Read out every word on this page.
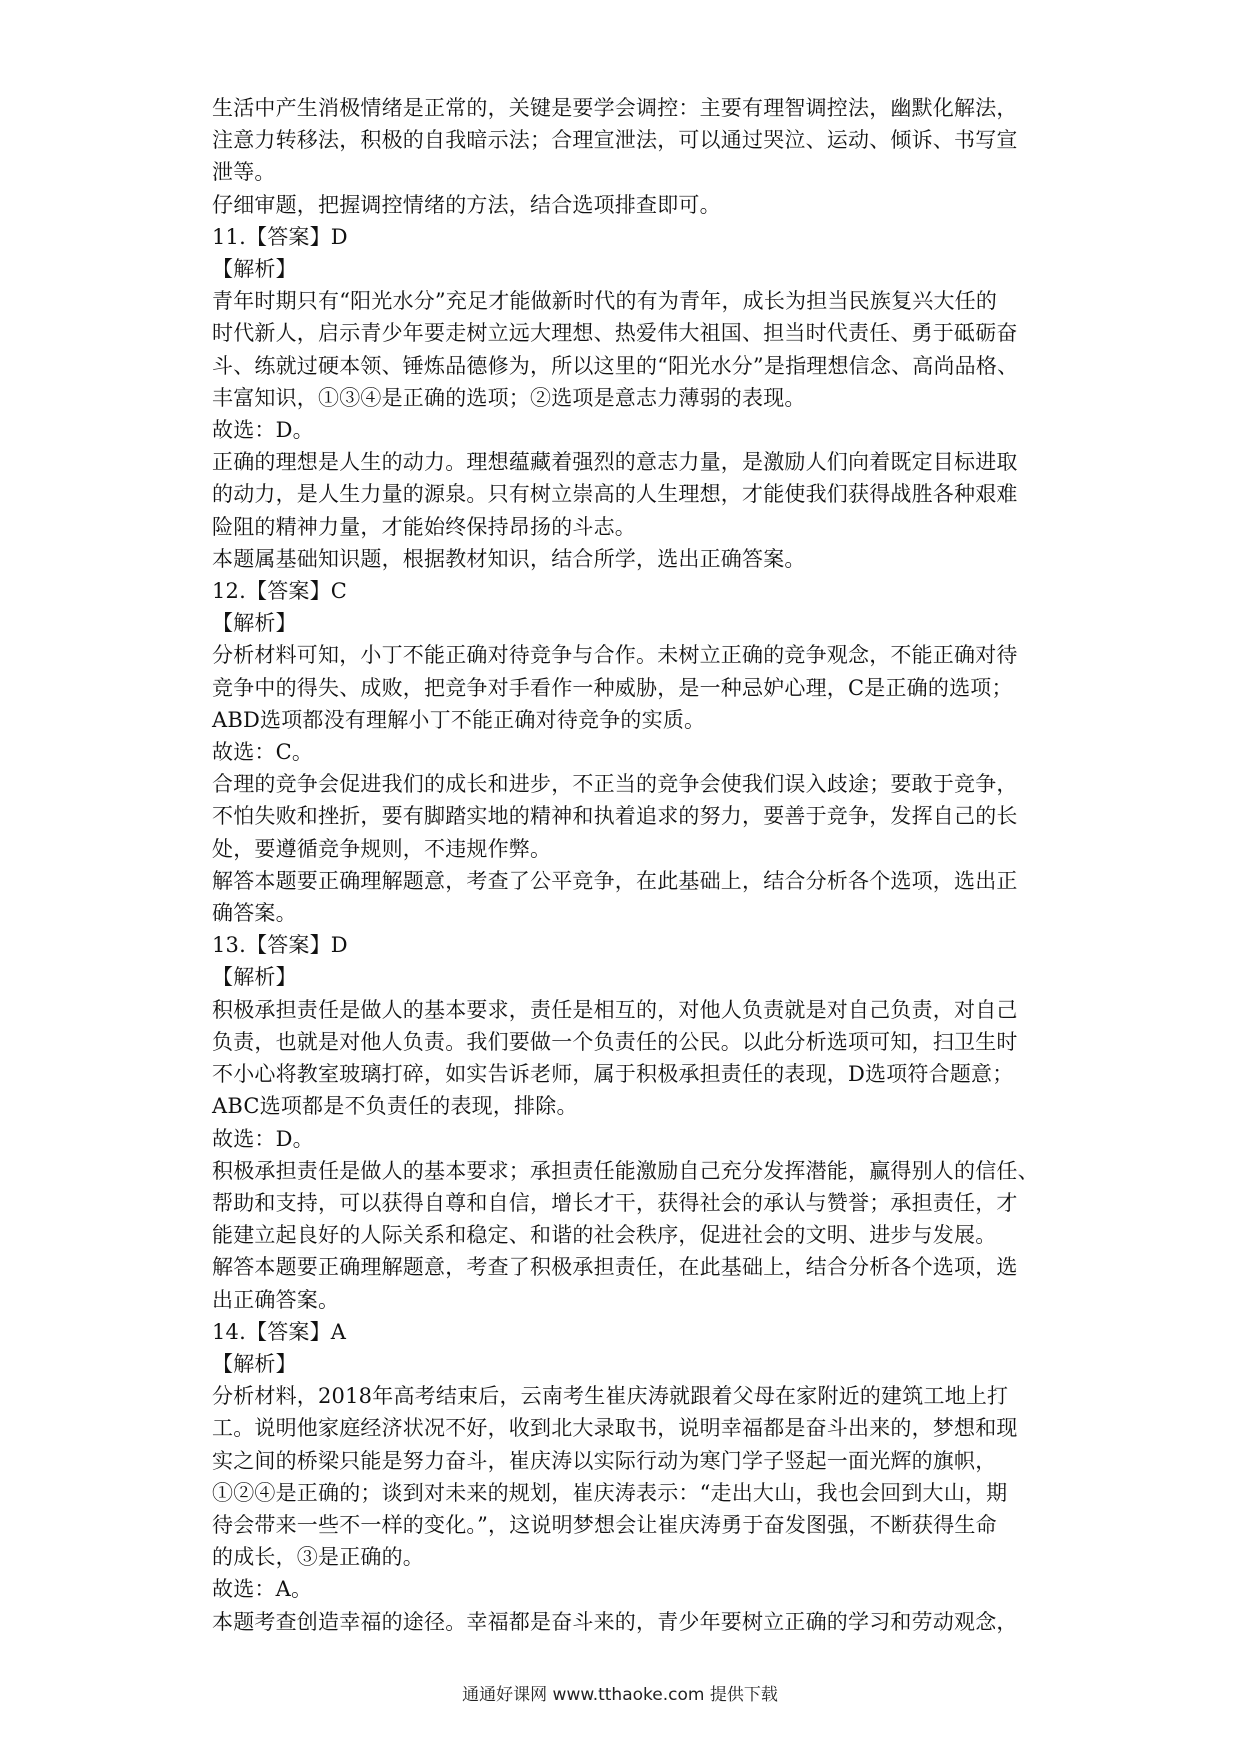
生活中产生消极情绪是正常的，关键是要学会调控：主要有理智调控法，幽默化解法，
注意力转移法，积极的自我暗示法；合理宣泄法，可以通过哭泣、运动、倾诉、书写宣
泄等。
仔细审题，把握调控情绪的方法，结合选项排查即可。
11.【答案】D
【解析】
青年时期只有“阳光水分”充足才能做新时代的有为青年，成长为担当民族复兴大任的
时代新人，启示青少年要走树立远大理想、热爱伟大祖国、担当时代责任、勇于砥砺奋
斗、练就过硬本领、锤炼品德修为，所以这里的“阳光水分”是指理想信念、高尚品格、
丰富知识，①③④是正确的选项；②选项是意志力薄弱的表现。
故选：D。
正确的理想是人生的动力。理想蕴藏着强烈的意志力量，是激励人们向着既定目标进取
的动力，是人生力量的源泉。只有树立崇高的人生理想，才能使我们获得战胜各种艰难
险阻的精神力量，才能始终保持昂扬的斗志。
本题属基础知识题，根据教材知识，结合所学，选出正确答案。
12.【答案】C
【解析】
分析材料可知，小丁不能正确对待竞争与合作。未树立正确的竞争观念，不能正确对待
竞争中的得失、成败，把竞争对手看作一种威胁，是一种忌妒心理，C是正确的选项；
ABD选项都没有理解小丁不能正确对待竞争的实质。
故选：C。
合理的竞争会促进我们的成长和进步，不正当的竞争会使我们误入歧途；要敢于竞争，
不怕失败和挫折，要有脚踏实地的精神和执着追求的努力，要善于竞争，发挥自己的长
处，要遵循竞争规则，不违规作弊。
解答本题要正确理解题意，考查了公平竞争，在此基础上，结合分析各个选项，选出正
确答案。
13.【答案】D
【解析】
积极承担责任是做人的基本要求，责任是相互的，对他人负责就是对自己负责，对自己
负责，也就是对他人负责。我们要做一个负责任的公民。以此分析选项可知，扫卫生时
不小心将教室玻璃打碎，如实告诉老师，属于积极承担责任的表现，D选项符合题意；
ABC选项都是不负责任的表现，排除。
故选：D。
积极承担责任是做人的基本要求；承担责任能激励自己充分发挥潜能，赢得别人的信任、
帮助和支持，可以获得自尊和自信，增长才干，获得社会的承认与赞誉；承担责任，才
能建立起良好的人际关系和稳定、和谐的社会秩序，促进社会的文明、进步与发展。
解答本题要正确理解题意，考查了积极承担责任，在此基础上，结合分析各个选项，选
出正确答案。
14.【答案】A
【解析】
分析材料，2018年高考结束后，云南考生崔庆涛就跟着父母在家附近的建筑工地上打
工。说明他家庭经济状况不好，收到北大录取书，说明幸福都是奋斗出来的，梦想和现
实之间的桥梁只能是努力奋斗，崔庆涛以实际行动为寒门学子竖起一面光辉的旗帜，
①②④是正确的；谈到对未来的规划，崔庆涛表示：“走出大山，我也会回到大山，期
待会带来一些不一样的变化。”，这说明梦想会让崔庆涛勇于奋发图强，不断获得生命
的成长，③是正确的。
故选：A。
本题考查创造幸福的途径。幸福都是奋斗来的，青少年要树立正确的学习和劳动观念，
通通好课网 www.tthaoke.com 提供下载
